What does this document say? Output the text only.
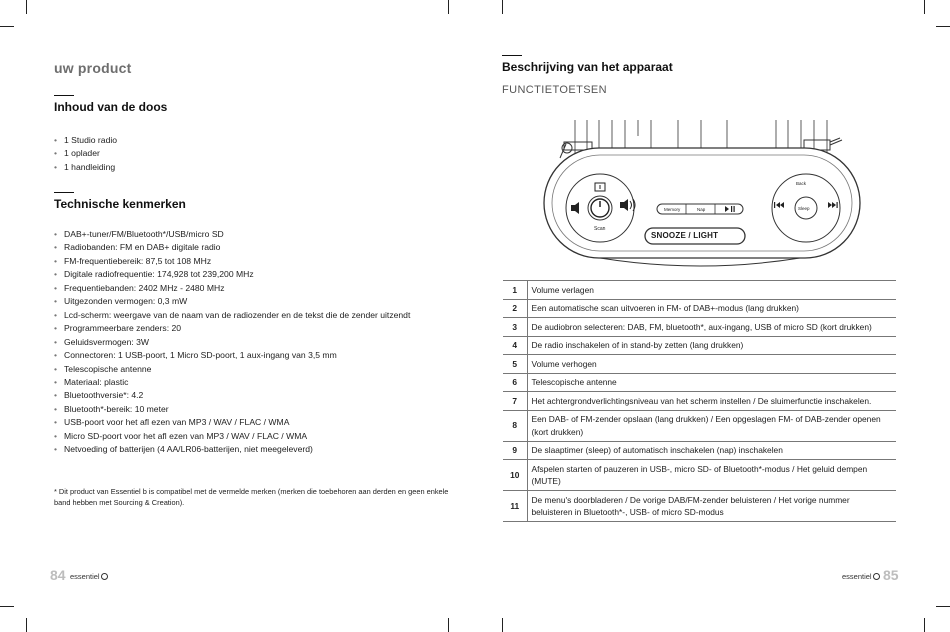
uw product
Inhoud van de doos
• 1 Studio radio
• 1 oplader
• 1 handleiding
Technische kenmerken
• DAB+-tuner/FM/Bluetooth*/USB/micro SD
• Radiobanden: FM en DAB+ digitale radio
• FM-frequentiebereik: 87,5 tot 108 MHz
• Digitale radiofrequentie: 174,928 tot 239,200 MHz
• Frequentiebanden: 2402 MHz - 2480 MHz
• Uitgezonden vermogen: 0,3 mW
• Lcd-scherm: weergave van de naam van de radiozender en de tekst die de zender uitzendt
• Programmeerbare zenders: 20
• Geluidsvermogen: 3W
• Connectoren: 1 USB-poort, 1 Micro SD-poort, 1 aux-ingang van 3,5 mm
• Telescopische antenne
• Materiaal: plastic
• Bluetoothversie*: 4.2
• Bluetooth*-bereik: 10 meter
• USB-poort voor het afl ezen van MP3 / WAV / FLAC / WMA
• Micro SD-poort voor het afl ezen van MP3 / WAV / FLAC / WMA
• Netvoeding of batterijen (4 AA/LR06-batterijen, niet meegeleverd)
* Dit product van Essentiel b is compatibel met de vermelde merken (merken die toebehoren aan derden en geen enkele band hebben met Sourcing & Creation).
84 essentiel
Beschrijving van het apparaat
FUNCTIETOETSEN
Scan
Memory	Nap
SNOOZE / LIGHT
Back
Sleep
1	Volume verlagen
2	Een automatische scan uitvoeren in FM- of DAB+-modus (lang drukken)
3	De audiobron selecteren: DAB, FM, bluetooth*, aux-ingang, USB of micro SD (kort drukken)
4	De radio inschakelen of in stand-by zetten (lang drukken)
5	Volume verhogen
6	Telescopische antenne
7	Het achtergrondverlichtingsniveau van het scherm instellen / De sluimerfunctie inschakelen.
8	Een DAB- of FM-zender opslaan (lang drukken) / Een opgeslagen FM- of DAB-zender openen (kort drukken)
9	De slaaptimer (sleep) of automatisch inschakelen (nap) inschakelen
10	Afspelen starten of pauzeren in USB-, micro SD- of Bluetooth*-modus / Het geluid dempen (MUTE)
11	De menu's doorbladeren / De vorige DAB/FM-zender beluisteren / Het vorige nummer beluisteren in Bluetooth*-, USB- of micro SD-modus
essentiel 85
